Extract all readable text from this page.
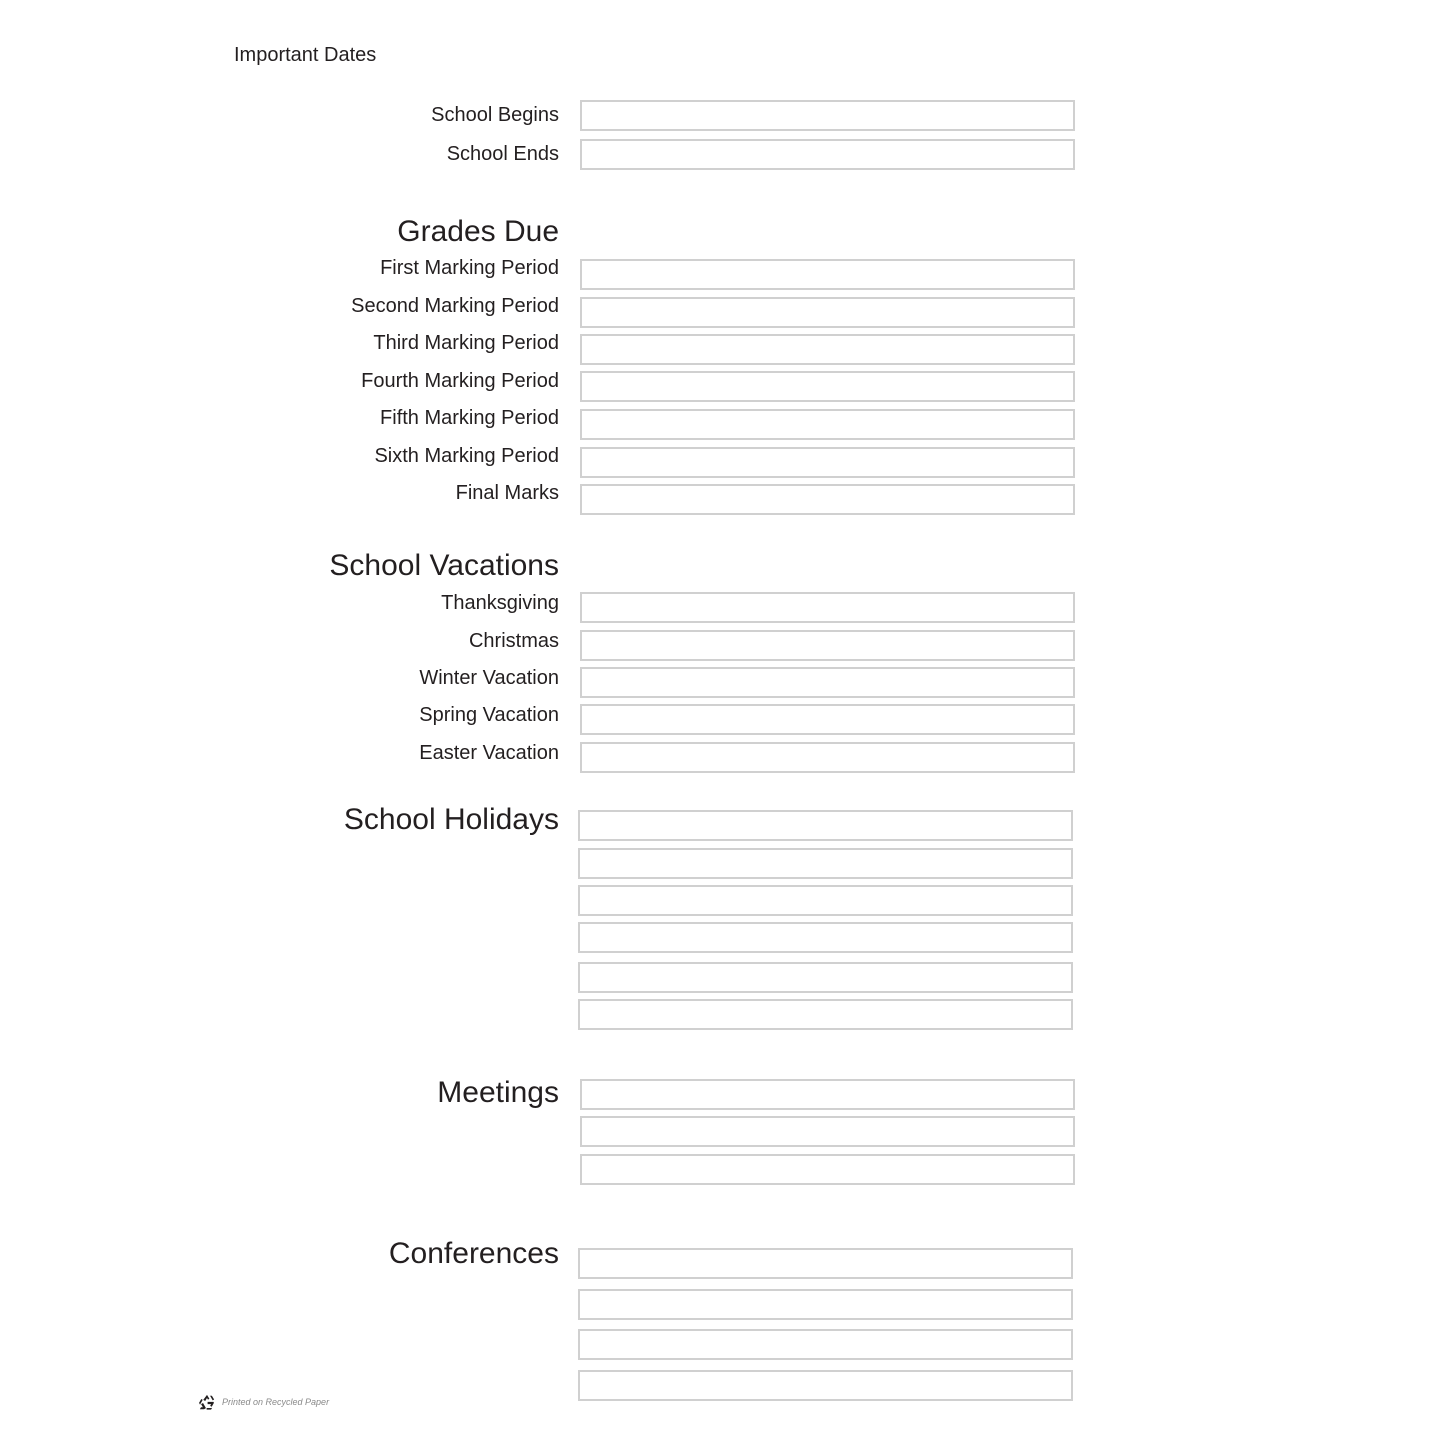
Important Dates
School Begins
School Ends
Grades Due
First Marking Period
Second Marking Period
Third Marking Period
Fourth Marking Period
Fifth Marking Period
Sixth Marking Period
Final Marks
School Vacations
Thanksgiving
Christmas
Winter Vacation
Spring Vacation
Easter Vacation
School Holidays
Meetings
Conferences
Printed on Recycled Paper
